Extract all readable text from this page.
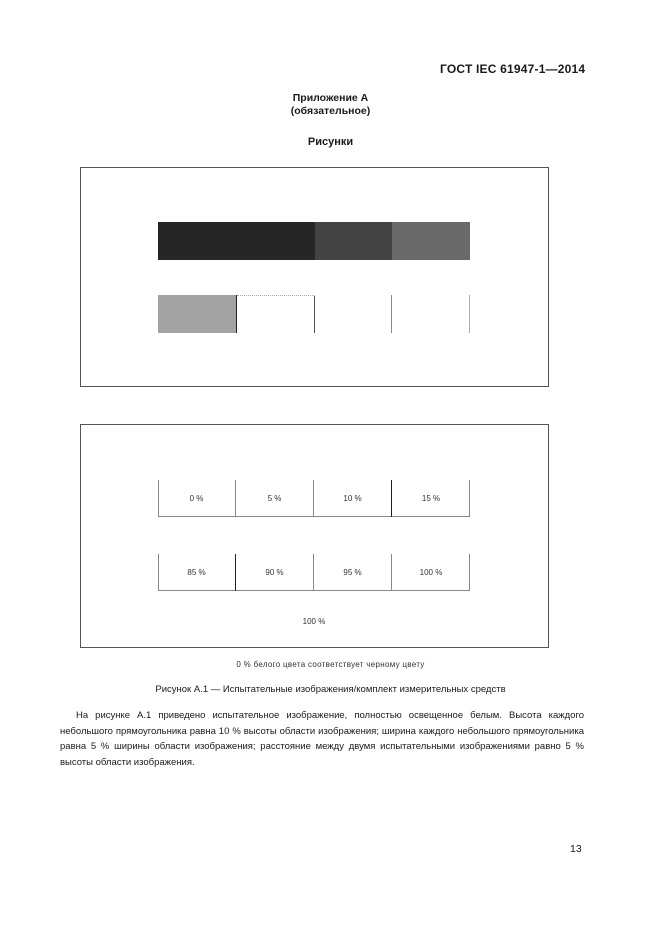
ГОСТ IEC 61947-1—2014
Приложение А
(обязательное)
Рисунки
0 %	5 %	10 %	15 %
85 %	90 %	95 %	100 %
100 %
0 % белого цвета соответствует черному цвету
Рисунок А.1 — Испытательные изображения/комплект измерительных средств
На рисунке А.1 приведено испытательное изображение, полностью освещенное белым. Высота каждого небольшого прямоугольника равна 10 % высоты области изображения; ширина каждого небольшого прямоугольника равна 5 % ширины области изображения; расстояние между двумя испытательными изображениями равно 5 % высоты области изображения.
13
